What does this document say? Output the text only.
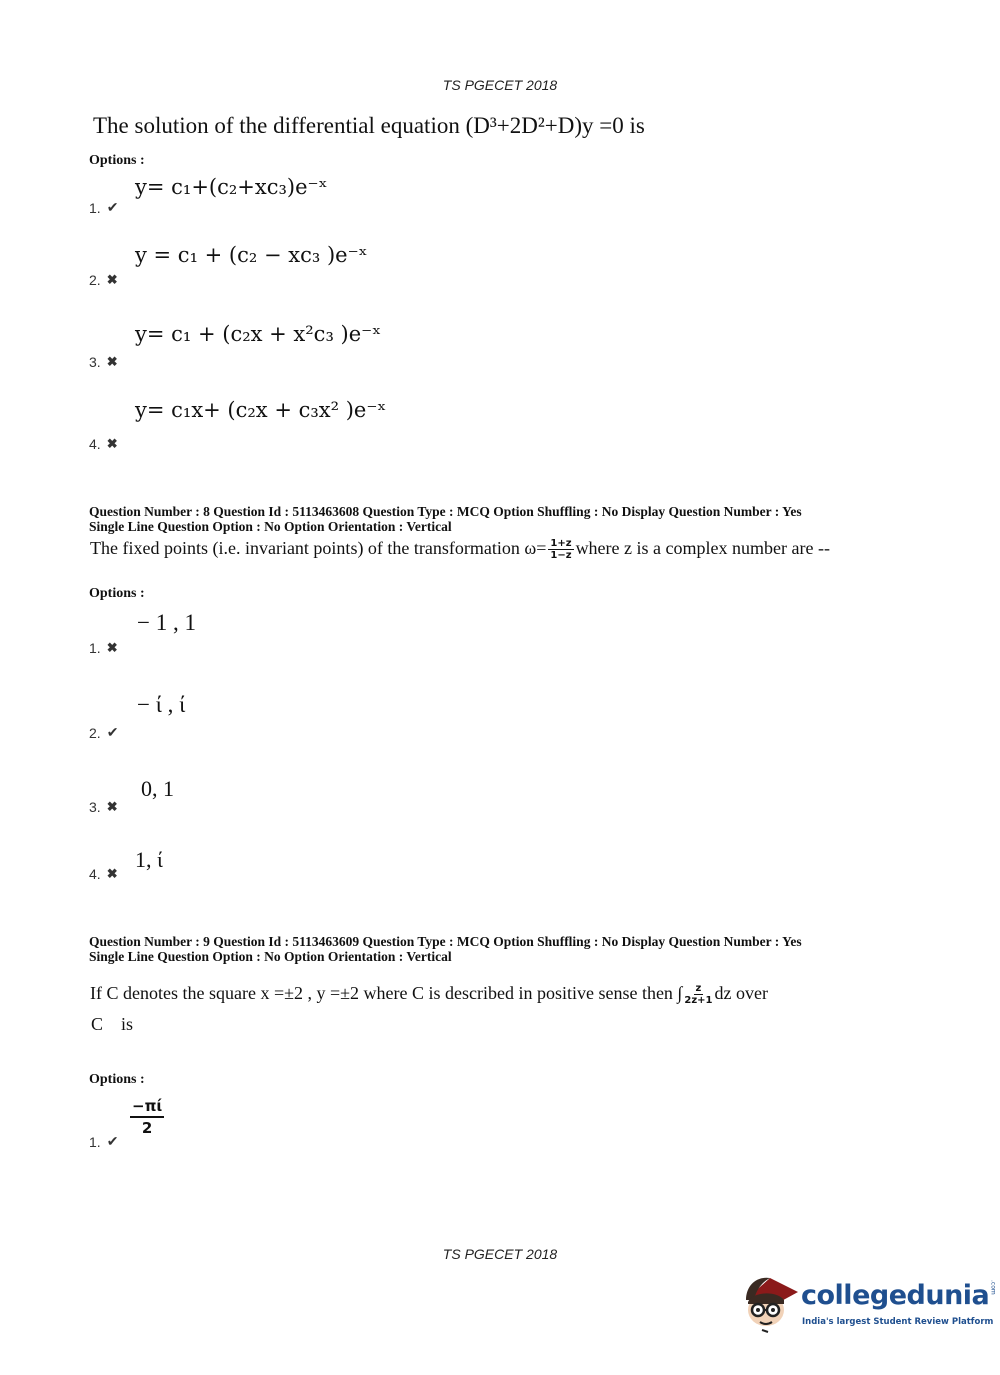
TS PGECET 2018
The solution of the differential equation (D³+2D²+D)y =0 is
Options :
y= c₁+(c₂+xc₃)e⁻ˣ
1. ✔
y = c₁ + (c₂ − xc₃ )e⁻ˣ
2. ✖
y= c₁ + (c₂x + x²c₃ )e⁻ˣ
3. ✖
y= c₁x+ (c₂x + c₃x² )e⁻ˣ
4. ✖
Question Number : 8 Question Id : 5113463608 Question Type : MCQ Option Shuffling : No Display Question Number : Yes
Single Line Question Option : No Option Orientation : Vertical
The fixed points (i.e. invariant points) of the transformation $\omega= \frac{1+z}{1-z}$ where z is a complex number are --
Options :
− 1 , 1
1. ✖
− ί , ί
2. ✔
0, 1
3. ✖
1, ί
4. ✖
Question Number : 9 Question Id : 5113463609 Question Type : MCQ Option Shuffling : No Display Question Number : Yes
Single Line Question Option : No Option Orientation : Vertical
If C denotes the square x =±2 , y =±2 where C is described in positive sense then ∫ $\frac{z}{2z+1}$ dz over
C    is
Options :
$\frac{-\pi ί}{2}$
1. ✔
TS PGECET 2018
collegedunia.com
India's largest Student Review Platform
